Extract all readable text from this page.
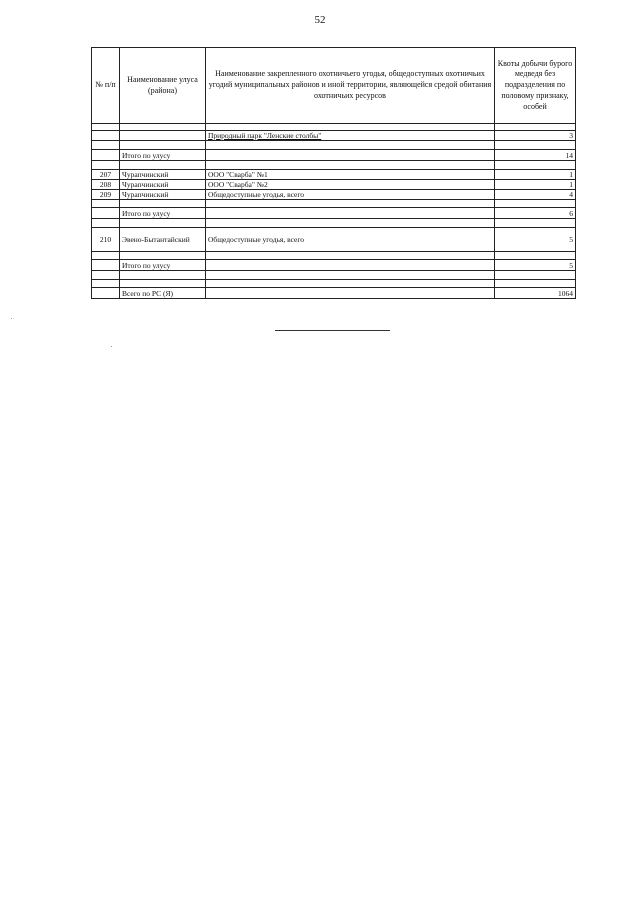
52
№ п/п	Наименование улуса (района)	Наименование закрепленного охотничьего угодья, общедоступных охотничьих угодий муниципальных районов и иной территории, являющейся средой обитания охотничьих ресурсов	Квоты добычи бурого медведя без подразделения по половому признаку, особей

		Природный парк "Ленские столбы"	3

	Итого по улусу		14

207	Чурапчинский	ООО "Сварбa" №1	1
208	Чурапчинский	ООО "Сварба" №2	1
209	Чурапчинский	Общедоступные угодья, всего	4

	Итого по улусу		6

210	Эвено-Бытантайский	Общедоступные угодья, всего	5

	Итого по улусу		5

	Всего по РС (Я)		1064
